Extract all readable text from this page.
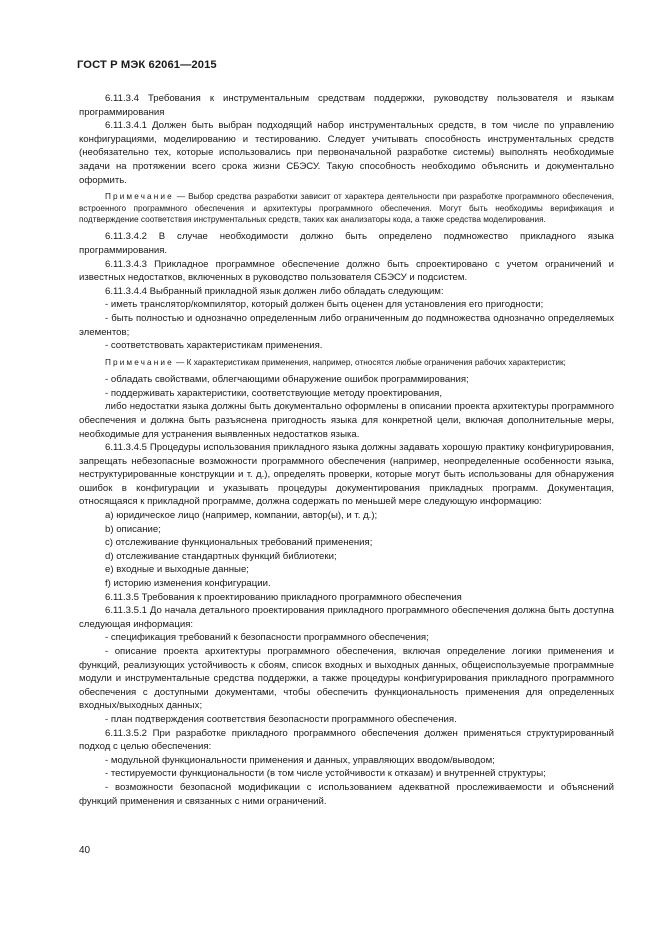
ГОСТ Р МЭК 62061—2015

6.11.3.4 Требования к инструментальным средствам поддержки, руководству пользователя и языкам программирования

6.11.3.4.1 Должен быть выбран подходящий набор инструментальных средств, в том числе по управлению конфигурациями, моделированию и тестированию. Следует учитывать способность инструментальных средств (необязательно тех, которые использовались при первоначальной разработке системы) выполнять необходимые задачи на протяжении всего срока жизни СБЭСУ. Такую способность необходимо объяснить и документально оформить.

Примечание — Выбор средства разработки зависит от характера деятельности при разработке программного обеспечения, встроенного программного обеспечения и архитектуры программного обеспечения. Могут быть необходимы верификация и подтверждение соответствия инструментальных средств, таких как анализаторы кода, а также средства моделирования.

6.11.3.4.2 В случае необходимости должно быть определено подмножество прикладного языка программирования.

6.11.3.4.3 Прикладное программное обеспечение должно быть спроектировано с учетом ограничений и известных недостатков, включенных в руководство пользователя СБЭСУ и подсистем.

6.11.3.4.4 Выбранный прикладной язык должен либо обладать следующим:

- иметь транслятор/компилятор, который должен быть оценен для установления его пригодности;

- быть полностью и однозначно определенным либо ограниченным до подмножества однозначно определяемых элементов;

- соответствовать характеристикам применения.

Примечание — К характеристикам применения, например, относятся любые ограничения рабочих характеристик;

- обладать свойствами, облегчающими обнаружение ошибок программирования;

- поддерживать характеристики, соответствующие методу проектирования,

либо недостатки языка должны быть документально оформлены в описании проекта архитектуры программного обеспечения и должна быть разъяснена пригодность языка для конкретной цели, включая дополнительные меры, необходимые для устранения выявленных недостатков языка.

6.11.3.4.5 Процедуры использования прикладного языка должны задавать хорошую практику конфигурирования, запрещать небезопасные возможности программного обеспечения (например, неопределенные особенности языка, неструктурированные конструкции и т. д.), определять проверки, которые могут быть использованы для обнаружения ошибок в конфигурации и указывать процедуры документирования прикладных программ. Документация, относящаяся к прикладной программе, должна содержать по меньшей мере следующую информацию:

a) юридическое лицо (например, компании, автор(ы), и т. д.);

b) описание;

c) отслеживание функциональных требований применения;

d) отслеживание стандартных функций библиотеки;

e) входные и выходные данные;

f) историю изменения конфигурации.

6.11.3.5 Требования к проектированию прикладного программного обеспечения

6.11.3.5.1 До начала детального проектирования прикладного программного обеспечения должна быть доступна следующая информация:

- спецификация требований к безопасности программного обеспечения;

- описание проекта архитектуры программного обеспечения, включая определение логики применения и функций, реализующих устойчивость к сбоям, список входных и выходных данных, общеиспользуемые программные модули и инструментальные средства поддержки, а также процедуры конфигурирования прикладного программного обеспечения с доступными документами, чтобы обеспечить функциональность применения для определенных входных/выходных данных;

- план подтверждения соответствия безопасности программного обеспечения.

6.11.3.5.2 При разработке прикладного программного обеспечения должен применяться структурированный подход с целью обеспечения:

- модульной функциональности применения и данных, управляющих вводом/выводом;

- тестируемости функциональности (в том числе устойчивости к отказам) и внутренней структуры;

- возможности безопасной модификации с использованием адекватной прослеживаемости и объяснений функций применения и связанных с ними ограничений.

40
